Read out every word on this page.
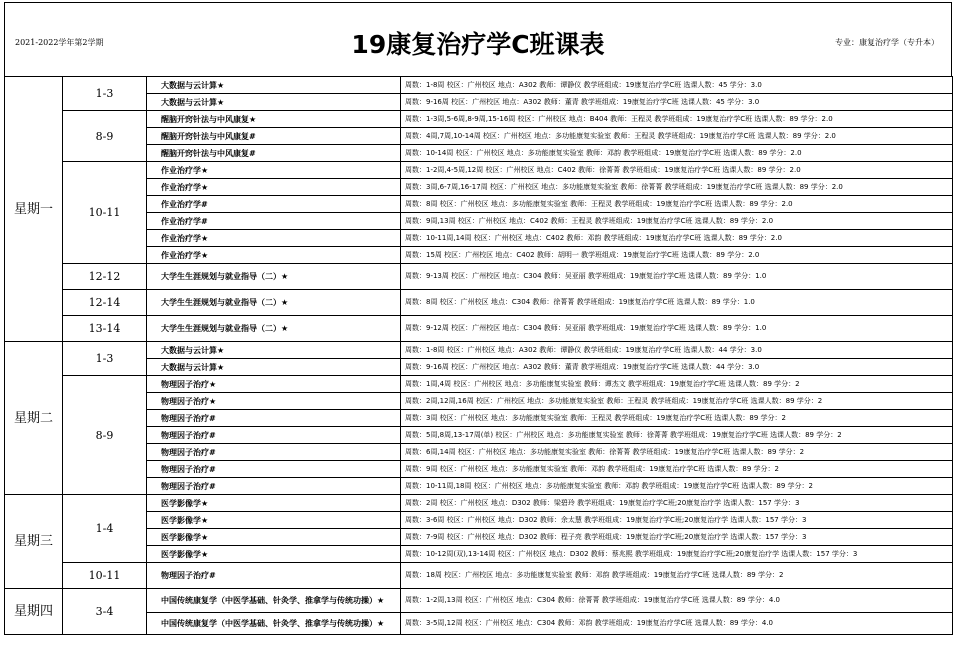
2021-2022学年第2学期	19康复治疗学C班课表	专业：康复治疗学（专升本）
星期一	1-3	大数据与云计算★	周数：1-8周 校区：广州校区 地点：A302 教师：谭静仪 教学班组成：19康复治疗学C班 选课人数：45 学分：3.0
		大数据与云计算★	周数：9-16周 校区：广州校区 地点：A302 教师：董青 教学班组成：19康复治疗学C班 选课人数：45 学分：3.0
	8-9	醒脑开窍针法与中风康复★	周数：1-3周,5-6周,8-9周,15-16周 校区：广州校区 地点：B404 教师：王程灵 教学班组成：19康复治疗学C班 选课人数：89 学分：2.0
		醒脑开窍针法与中风康复#	周数：4周,7周,10-14周 校区：广州校区 地点：多功能康复实验室 教师：王程灵 教学班组成：19康复治疗学C班 选课人数：89 学分：2.0
		醒脑开窍针法与中风康复#	周数：10-14周 校区：广州校区 地点：多功能康复实验室 教师：邓韵 教学班组成：19康复治疗学C班 选课人数：89 学分：2.0
	10-11	作业治疗学★	周数：1-2周,4-5周,12周 校区：广州校区 地点：C402 教师：徐菁菁 教学班组成：19康复治疗学C班 选课人数：89 学分：2.0
		作业治疗学★	周数：3周,6-7周,16-17周 校区：广州校区 地点：多功能康复实验室 教师：徐菁菁 教学班组成：19康复治疗学C班 选课人数：89 学分：2.0
		作业治疗学#	周数：8周 校区：广州校区 地点：多功能康复实验室 教师：王程灵 教学班组成：19康复治疗学C班 选课人数：89 学分：2.0
		作业治疗学#	周数：9周,13周 校区：广州校区 地点：C402 教师：王程灵 教学班组成：19康复治疗学C班 选课人数：89 学分：2.0
		作业治疗学★	周数：10-11周,14周 校区：广州校区 地点：C402 教师：邓韵 教学班组成：19康复治疗学C班 选课人数：89 学分：2.0
		作业治疗学★	周数：15周 校区：广州校区 地点：C402 教师：胡明一 教学班组成：19康复治疗学C班 选课人数：89 学分：2.0
	12-12	大学生生涯规划与就业指导（二）★	周数：9-13周 校区：广州校区 地点：C304 教师：吴亚丽 教学班组成：19康复治疗学C班 选课人数：89 学分：1.0
	12-14	大学生生涯规划与就业指导（二）★	周数：8周 校区：广州校区 地点：C304 教师：徐菁菁 教学班组成：19康复治疗学C班 选课人数：89 学分：1.0
	13-14	大学生生涯规划与就业指导（二）★	周数：9-12周 校区：广州校区 地点：C304 教师：吴亚丽 教学班组成：19康复治疗学C班 选课人数：89 学分：1.0
星期二	1-3	大数据与云计算★	周数：1-8周 校区：广州校区 地点：A302 教师：谭静仪 教学班组成：19康复治疗学C班 选课人数：44 学分：3.0
		大数据与云计算★	周数：9-16周 校区：广州校区 地点：A302 教师：董青 教学班组成：19康复治疗学C班 选课人数：44 学分：3.0
	8-9	物理因子治疗★	周数：1周,4周 校区：广州校区 地点：多功能康复实验室 教师：谭杰文 教学班组成：19康复治疗学C班 选课人数：89 学分：2
		物理因子治疗★	周数：2周,12周,16周 校区：广州校区 地点：多功能康复实验室 教师：王程灵 教学班组成：19康复治疗学C班 选课人数：89 学分：2
		物理因子治疗#	周数：3周 校区：广州校区 地点：多功能康复实验室 教师：王程灵 教学班组成：19康复治疗学C班 选课人数：89 学分：2
		物理因子治疗#	周数：5周,8周,13-17周(单) 校区：广州校区 地点：多功能康复实验室 教师：徐菁菁 教学班组成：19康复治疗学C班 选课人数：89 学分：2
		物理因子治疗#	周数：6周,14周 校区：广州校区 地点：多功能康复实验室 教师：徐菁菁 教学班组成：19康复治疗学C班 选课人数：89 学分：2
		物理因子治疗#	周数：9周 校区：广州校区 地点：多功能康复实验室 教师：邓韵 教学班组成：19康复治疗学C班 选课人数：89 学分：2
		物理因子治疗#	周数：10-11周,18周 校区：广州校区 地点：多功能康复实验室 教师：邓韵 教学班组成：19康复治疗学C班 选课人数：89 学分：2
星期三	1-4	医学影像学★	周数：2周 校区：广州校区 地点：D302 教师：梁碧玲 教学班组成：19康复治疗学C班;20康复治疗学 选课人数：157 学分：3
		医学影像学★	周数：3-6周 校区：广州校区 地点：D302 教师：余太慧 教学班组成：19康复治疗学C班;20康复治疗学 选课人数：157 学分：3
		医学影像学★	周数：7-9周 校区：广州校区 地点：D302 教师：程子亮 教学班组成：19康复治疗学C班;20康复治疗学 选课人数：157 学分：3
		医学影像学★	周数：10-12周(双),13-14周 校区：广州校区 地点：D302 教师：蔡兆熙 教学班组成：19康复治疗学C班;20康复治疗学 选课人数：157 学分：3
	10-11	物理因子治疗#	周数：18周 校区：广州校区 地点：多功能康复实验室 教师：邓韵 教学班组成：19康复治疗学C班 选课人数：89 学分：2
星期四	3-4	中国传统康复学（中医学基础、针灸学、推拿学与传统功操）★	周数：1-2周,13周 校区：广州校区 地点：C304 教师：徐菁菁 教学班组成：19康复治疗学C班 选课人数：89 学分：4.0
		中国传统康复学（中医学基础、针灸学、推拿学与传统功操）★	周数：3-5周,12周 校区：广州校区 地点：C304 教师：邓韵 教学班组成：19康复治疗学C班 选课人数：89 学分：4.0
